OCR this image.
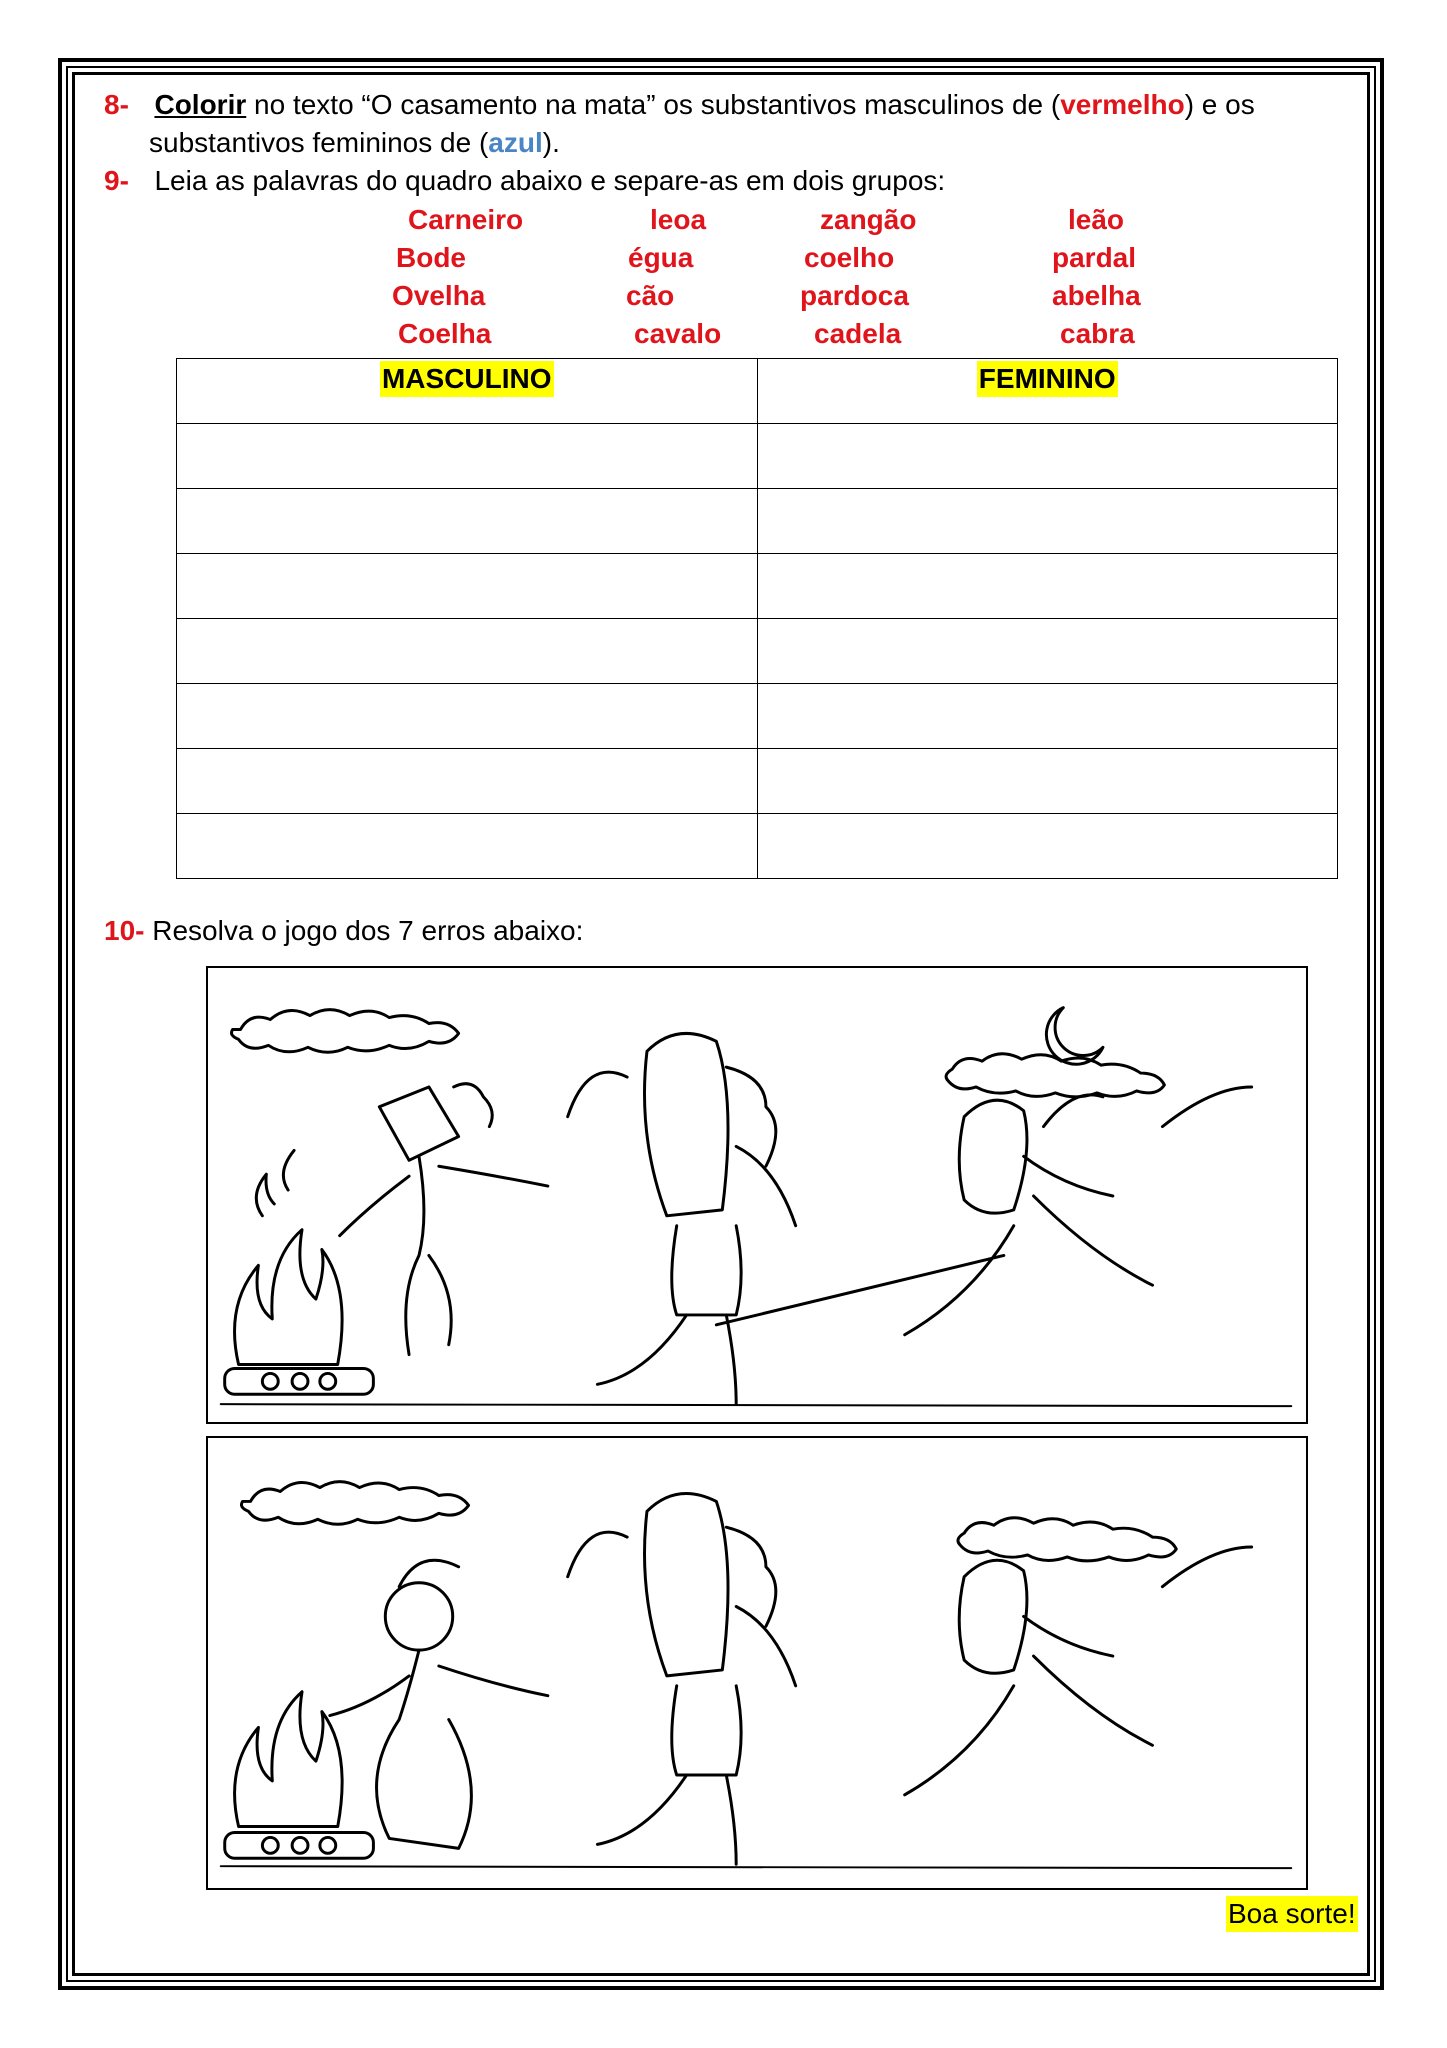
8- Colorir no texto “O casamento na mata” os substantivos masculinos de (vermelho) e os
substantivos femininos de (azul).
9- Leia as palavras do quadro abaixo e separe-as em dois grupos:
Carneiro	leoa	zangão	leão
Bode	égua	coelho	pardal
Ovelha	cão	pardoca	abelha
Coelha	cavalo	cadela	cabra
MASCULINO	FEMININO

10- Resolva o jogo dos 7 erros abaixo:
Boa sorte!
